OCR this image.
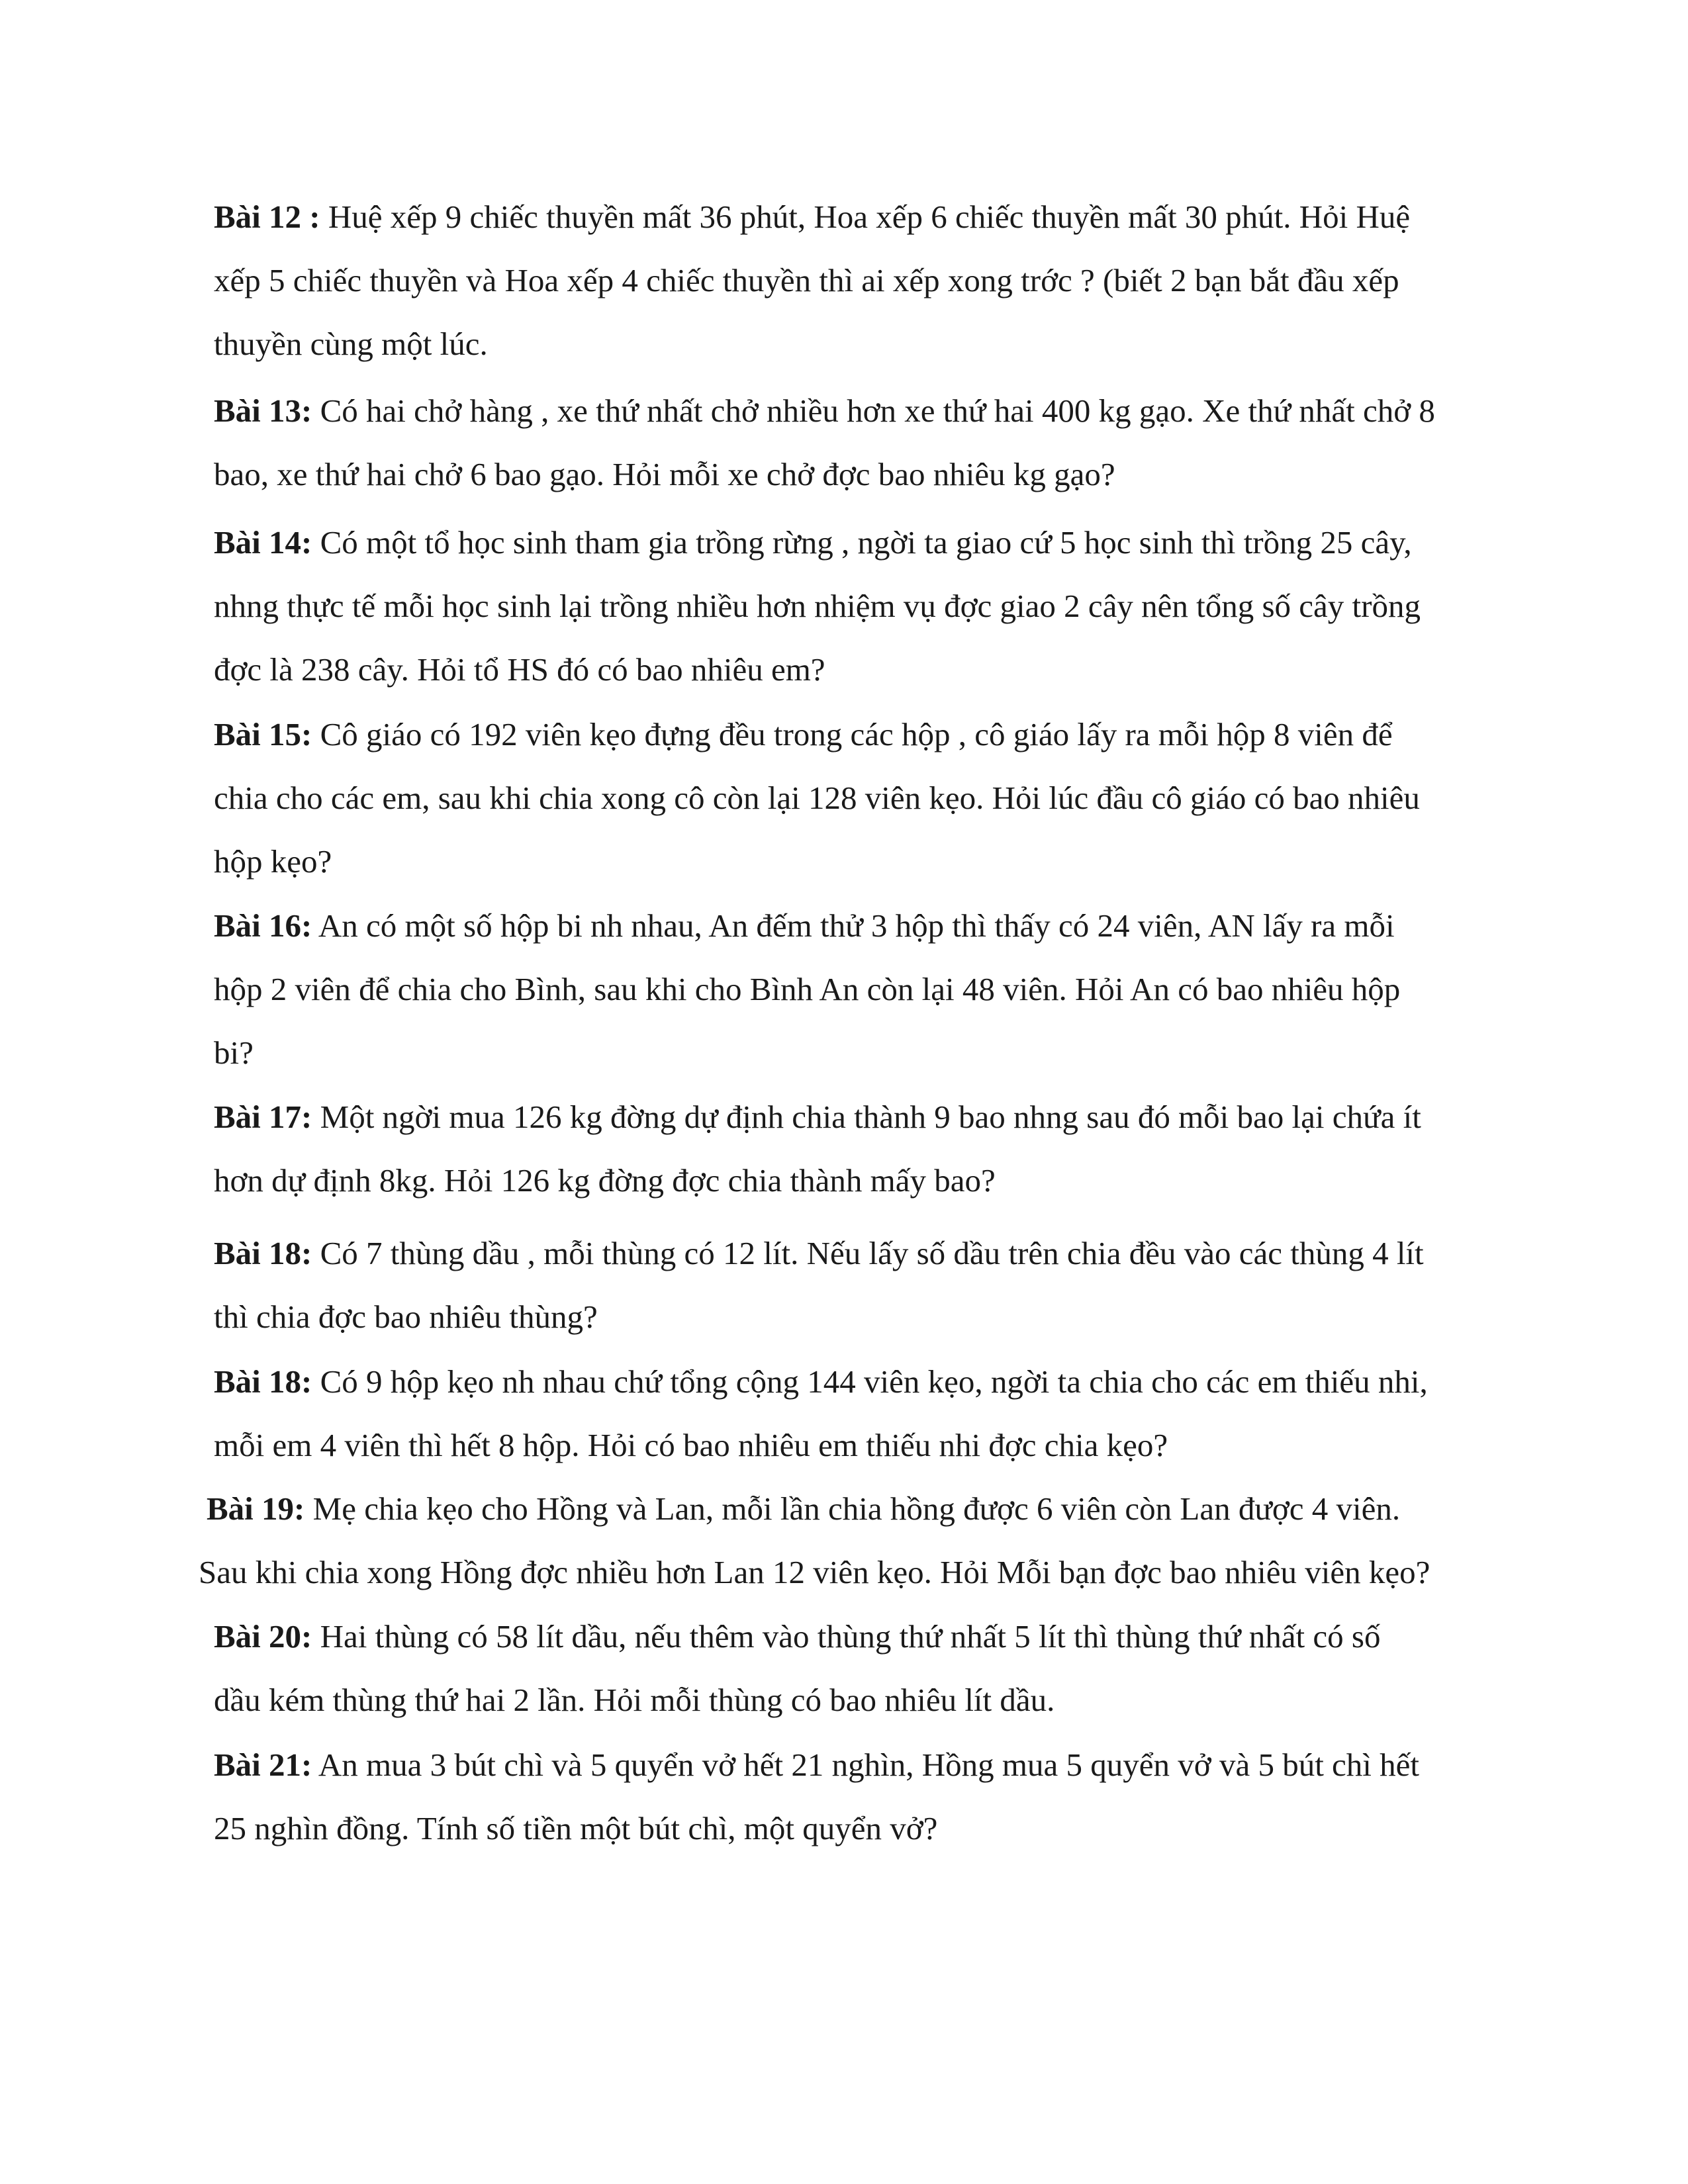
Bài 12 : Huệ xếp 9 chiếc thuyền mất 36 phút, Hoa xếp 6 chiếc thuyền mất 30 phút. Hỏi Huệ
xếp 5 chiếc thuyền và Hoa xếp 4 chiếc thuyền thì ai xếp xong trớc ? (biết 2 bạn bắt đầu xếp
thuyền cùng một lúc.
Bài 13: Có hai chở hàng , xe thứ nhất chở nhiều hơn xe thứ hai 400 kg gạo. Xe thứ nhất chở 8
bao, xe thứ hai chở 6 bao gạo. Hỏi mỗi xe chở đợc bao nhiêu kg gạo?
Bài 14: Có một tổ học sinh tham gia trồng rừng , ngời ta giao cứ 5 học sinh thì trồng 25 cây,
nhng thực tế mỗi học sinh lại trồng nhiều hơn nhiệm vụ đợc giao 2 cây nên tổng số cây trồng
đợc là 238 cây. Hỏi tổ HS đó có bao nhiêu em?
Bài 15: Cô giáo có 192 viên kẹo đựng đều trong các hộp , cô giáo lấy ra mỗi hộp 8 viên để
chia cho các em, sau khi chia xong cô còn lại 128 viên kẹo. Hỏi lúc đầu cô giáo có bao nhiêu
hộp kẹo?
Bài 16: An có một số hộp bi nh nhau, An đếm thử 3 hộp thì thấy có 24 viên, AN lấy ra mỗi
hộp 2 viên để chia cho Bình, sau khi cho Bình An còn lại 48 viên. Hỏi An có bao nhiêu hộp
bi?
Bài 17: Một ngời mua 126 kg đờng dự định chia thành 9 bao nhng sau đó mỗi bao lại chứa ít
hơn dự định 8kg. Hỏi 126 kg đờng đợc chia thành mấy bao?
Bài 18: Có 7 thùng dầu , mỗi thùng có 12 lít. Nếu lấy số dầu trên chia đều vào các thùng 4 lít
thì chia đợc bao nhiêu thùng?
Bài 18: Có 9 hộp kẹo nh nhau chứ tổng cộng 144 viên kẹo, ngời ta chia cho các em thiếu nhi,
mỗi em 4 viên thì hết 8 hộp. Hỏi có bao nhiêu em thiếu nhi đợc chia kẹo?
Bài 19: Mẹ chia kẹo cho Hồng và Lan, mỗi lần chia hồng được 6 viên còn Lan được 4 viên.
Sau khi chia xong Hồng đợc nhiều hơn Lan 12 viên kẹo. Hỏi Mỗi bạn đợc bao nhiêu viên kẹo?
Bài 20: Hai thùng có 58 lít dầu, nếu thêm vào thùng thứ nhất 5 lít thì thùng thứ nhất có số
dầu kém thùng thứ hai 2 lần. Hỏi mỗi thùng có bao nhiêu lít dầu.
Bài 21: An mua 3 bút chì và 5 quyển vở hết 21 nghìn, Hồng mua 5 quyển vở và 5 bút chì hết
25 nghìn đồng. Tính số tiền một bút chì, một quyển vở?
